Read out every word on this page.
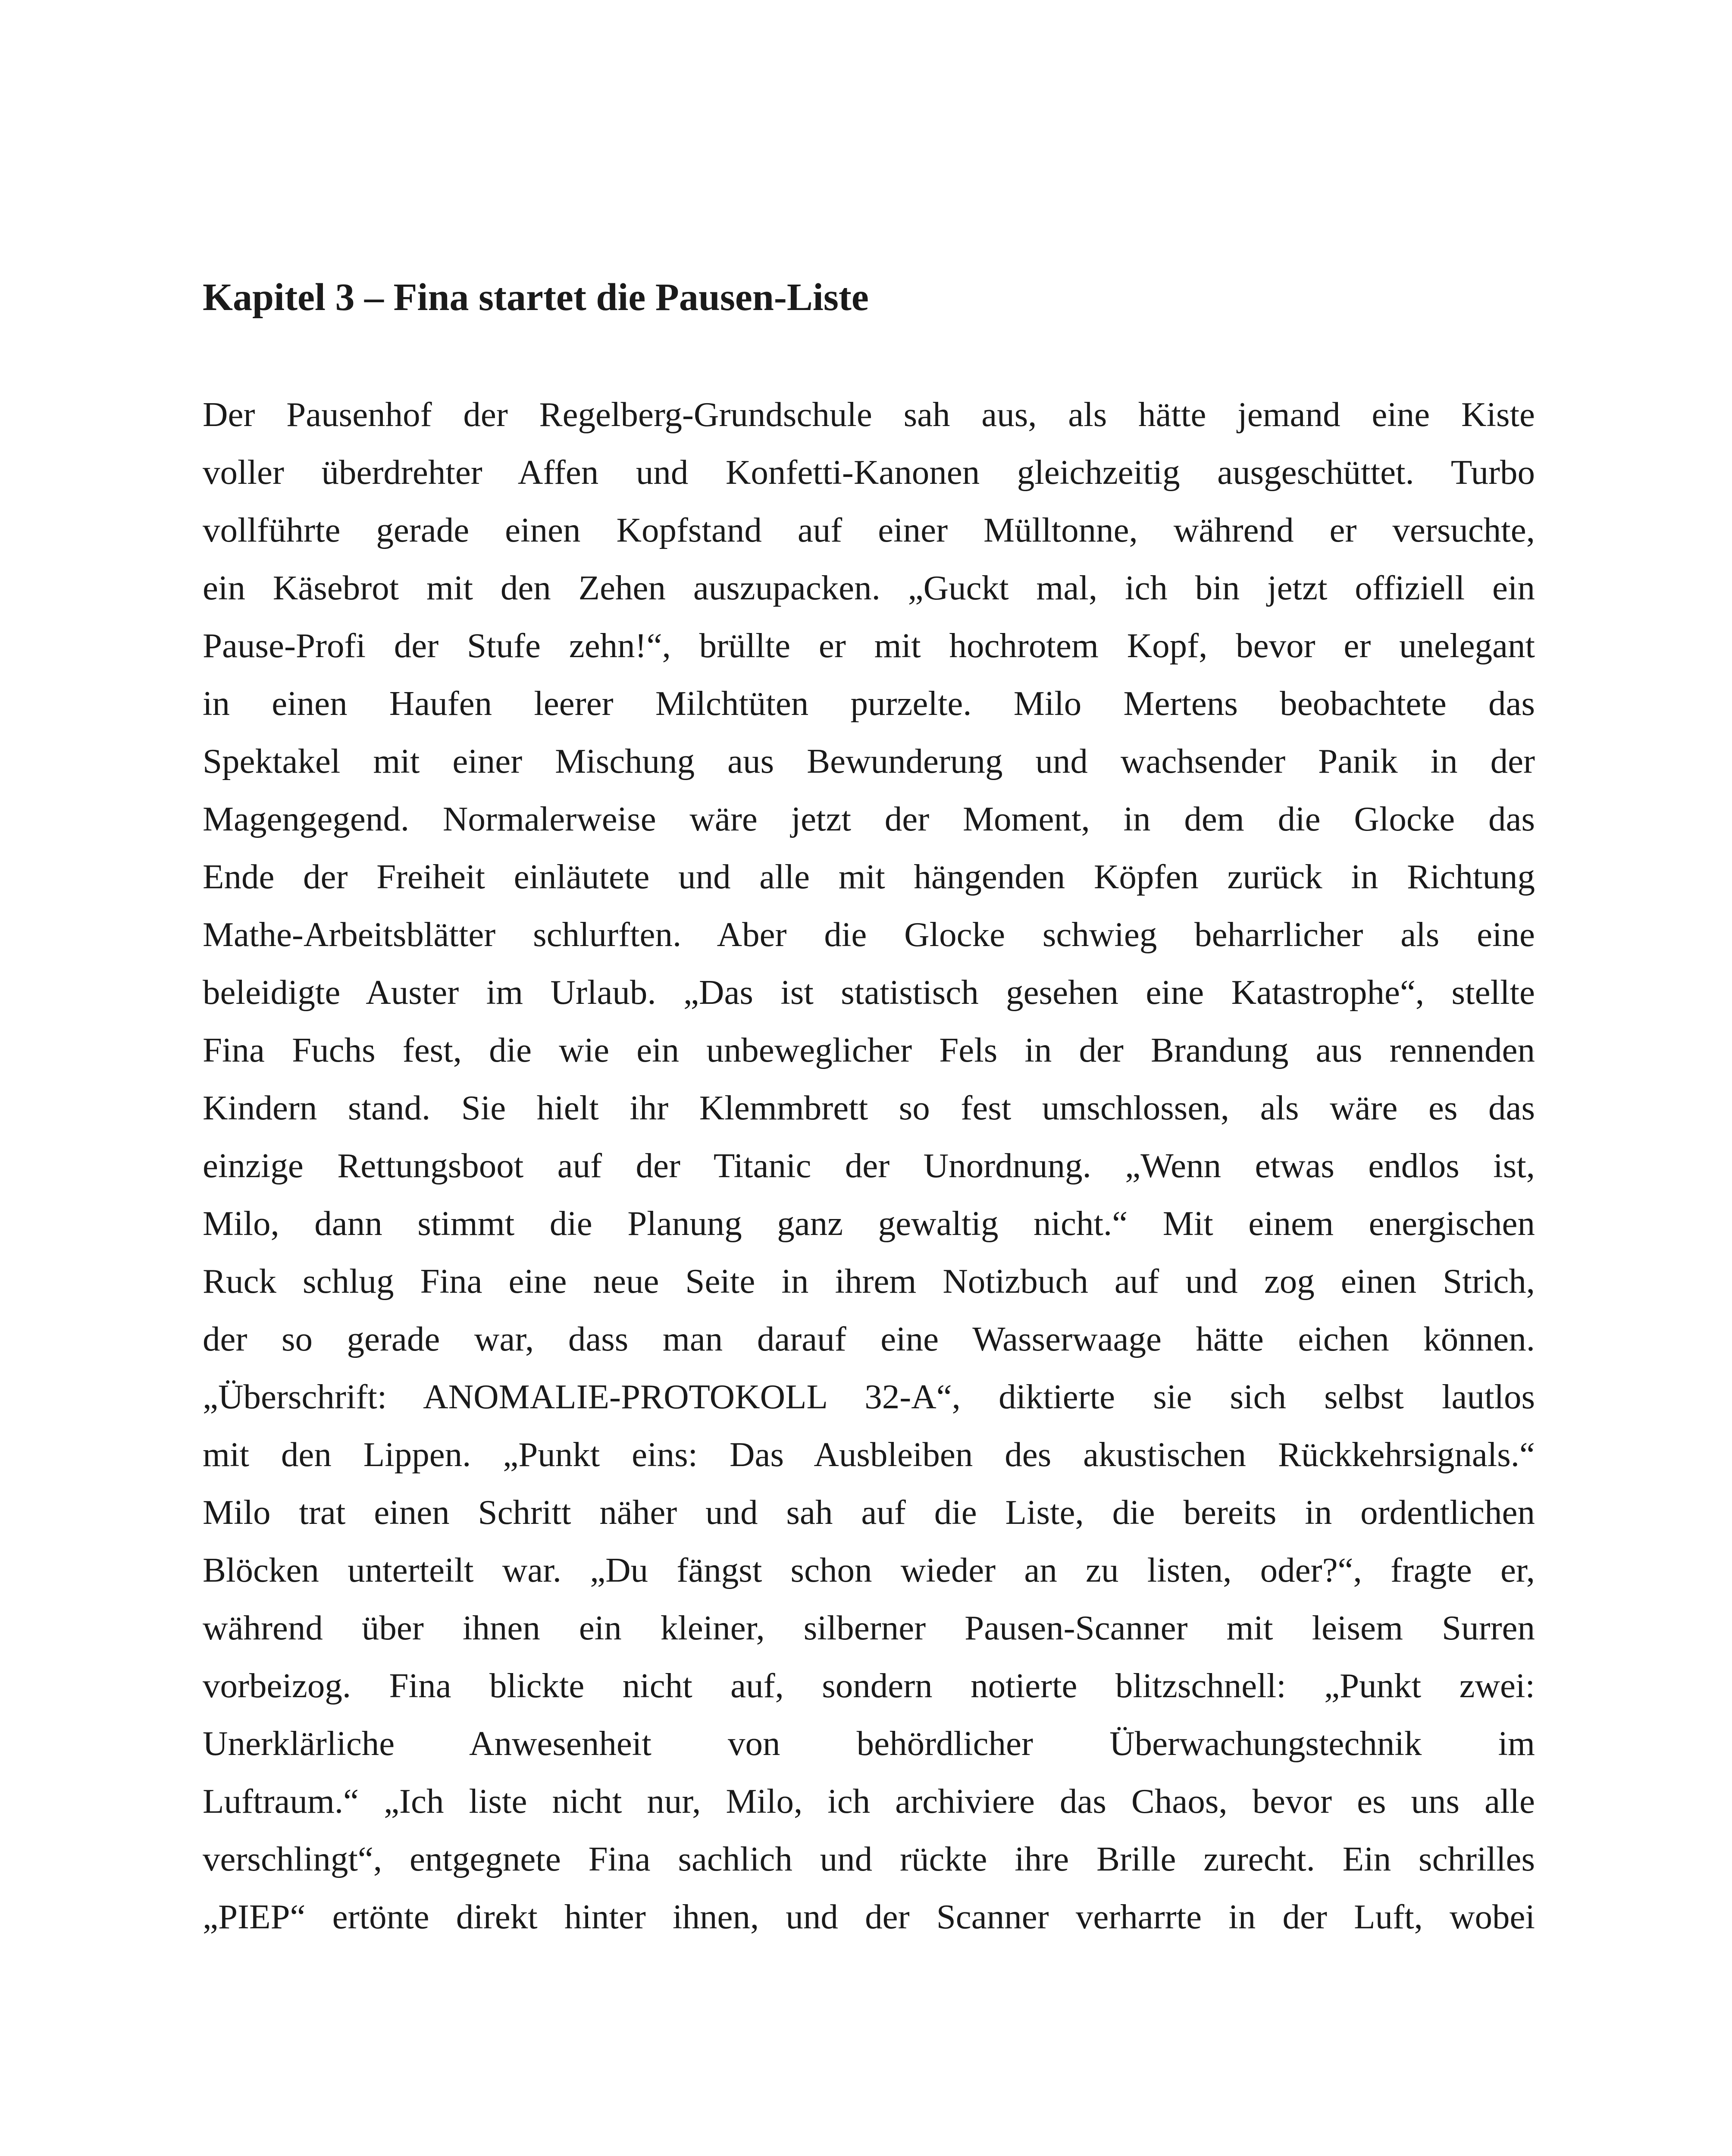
Kapitel 3 – Fina startet die Pausen-Liste
Der Pausenhof der Regelberg-Grundschule sah aus, als hätte jemand eine Kiste
voller überdrehter Affen und Konfetti-Kanonen gleichzeitig ausgeschüttet. Turbo
vollführte gerade einen Kopfstand auf einer Mülltonne, während er versuchte,
ein Käsebrot mit den Zehen auszupacken. „Guckt mal, ich bin jetzt offiziell ein
Pause-Profi der Stufe zehn!“, brüllte er mit hochrotem Kopf, bevor er unelegant
in einen Haufen leerer Milchtüten purzelte. Milo Mertens beobachtete das
Spektakel mit einer Mischung aus Bewunderung und wachsender Panik in der
Magengegend. Normalerweise wäre jetzt der Moment, in dem die Glocke das
Ende der Freiheit einläutete und alle mit hängenden Köpfen zurück in Richtung
Mathe-Arbeitsblätter schlurften. Aber die Glocke schwieg beharrlicher als eine
beleidigte Auster im Urlaub. „Das ist statistisch gesehen eine Katastrophe“, stellte
Fina Fuchs fest, die wie ein unbeweglicher Fels in der Brandung aus rennenden
Kindern stand. Sie hielt ihr Klemmbrett so fest umschlossen, als wäre es das
einzige Rettungsboot auf der Titanic der Unordnung. „Wenn etwas endlos ist,
Milo, dann stimmt die Planung ganz gewaltig nicht.“ Mit einem energischen
Ruck schlug Fina eine neue Seite in ihrem Notizbuch auf und zog einen Strich,
der so gerade war, dass man darauf eine Wasserwaage hätte eichen können.
„Überschrift: ANOMALIE-PROTOKOLL 32-A“, diktierte sie sich selbst lautlos
mit den Lippen. „Punkt eins: Das Ausbleiben des akustischen Rückkehrsignals.“
Milo trat einen Schritt näher und sah auf die Liste, die bereits in ordentlichen
Blöcken unterteilt war. „Du fängst schon wieder an zu listen, oder?“, fragte er,
während über ihnen ein kleiner, silberner Pausen-Scanner mit leisem Surren
vorbeizog. Fina blickte nicht auf, sondern notierte blitzschnell: „Punkt zwei:
Unerklärliche Anwesenheit von behördlicher Überwachungstechnik im
Luftraum.“ „Ich liste nicht nur, Milo, ich archiviere das Chaos, bevor es uns alle
verschlingt“, entgegnete Fina sachlich und rückte ihre Brille zurecht. Ein schrilles
„PIEP“ ertönte direkt hinter ihnen, und der Scanner verharrte in der Luft, wobei
